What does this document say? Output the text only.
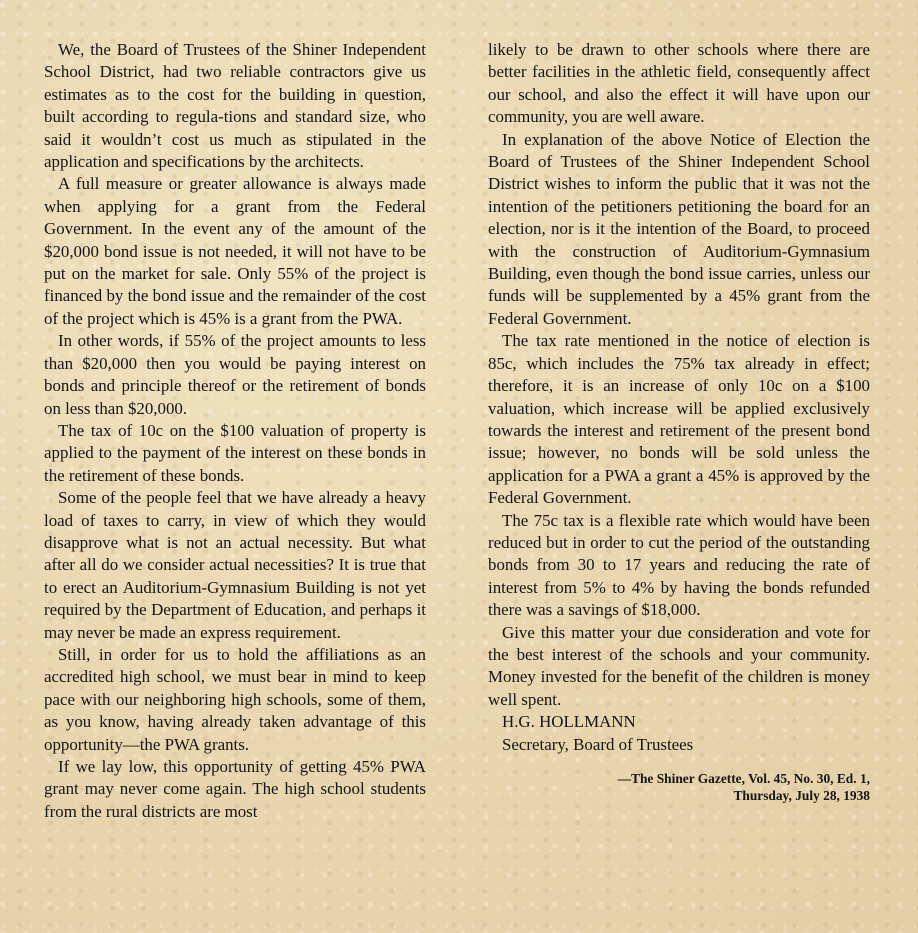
We, the Board of Trustees of the Shiner Independent School District, had two reliable contractors give us estimates as to the cost for the building in question, built according to regula-tions and standard size, who said it wouldn’t cost us much as stipulated in the application and specifications by the architects.

A full measure or greater allowance is always made when applying for a grant from the Federal Government. In the event any of the amount of the $20,000 bond issue is not needed, it will not have to be put on the market for sale. Only 55% of the project is financed by the bond issue and the remainder of the cost of the project which is 45% is a grant from the PWA.

In other words, if 55% of the project amounts to less than $20,000 then you would be paying interest on bonds and principle thereof or the retirement of bonds on less than $20,000.

The tax of 10c on the $100 valuation of property is applied to the payment of the interest on these bonds in the retirement of these bonds.

Some of the people feel that we have already a heavy load of taxes to carry, in view of which they would disapprove what is not an actual necessity. But what after all do we consider actual necessities? It is true that to erect an Auditorium-Gymnasium Building is not yet required by the Department of Education, and perhaps it may never be made an express requirement.

Still, in order for us to hold the affiliations as an accredited high school, we must bear in mind to keep pace with our neighboring high schools, some of them, as you know, having already taken advantage of this opportunity—the PWA grants.

If we lay low, this opportunity of getting 45% PWA grant may never come again. The high school students from the rural districts are most

likely to be drawn to other schools where there are better facilities in the athletic field, consequently affect our school, and also the effect it will have upon our community, you are well aware.

In explanation of the above Notice of Election the Board of Trustees of the Shiner Independent School District wishes to inform the public that it was not the intention of the petitioners petitioning the board for an election, nor is it the intention of the Board, to proceed with the construction of Auditorium-Gymnasium Building, even though the bond issue carries, unless our funds will be supplemented by a 45% grant from the Federal Government.

The tax rate mentioned in the notice of election is 85c, which includes the 75% tax already in effect; therefore, it is an increase of only 10c on a $100 valuation, which increase will be applied exclusively towards the interest and retirement of the present bond issue; however, no bonds will be sold unless the application for a PWA a grant a 45% is approved by the Federal Government.

The 75c tax is a flexible rate which would have been reduced but in order to cut the period of the outstanding bonds from 30 to 17 years and reducing the rate of interest from 5% to 4% by having the bonds refunded there was a savings of $18,000.

Give this matter your due consideration and vote for the best interest of the schools and your community. Money invested for the benefit of the children is money well spent.

H.G. HOLLMANN

Secretary, Board of Trustees

—The Shiner Gazette, Vol. 45, No. 30, Ed. 1,
Thursday, July 28, 1938
